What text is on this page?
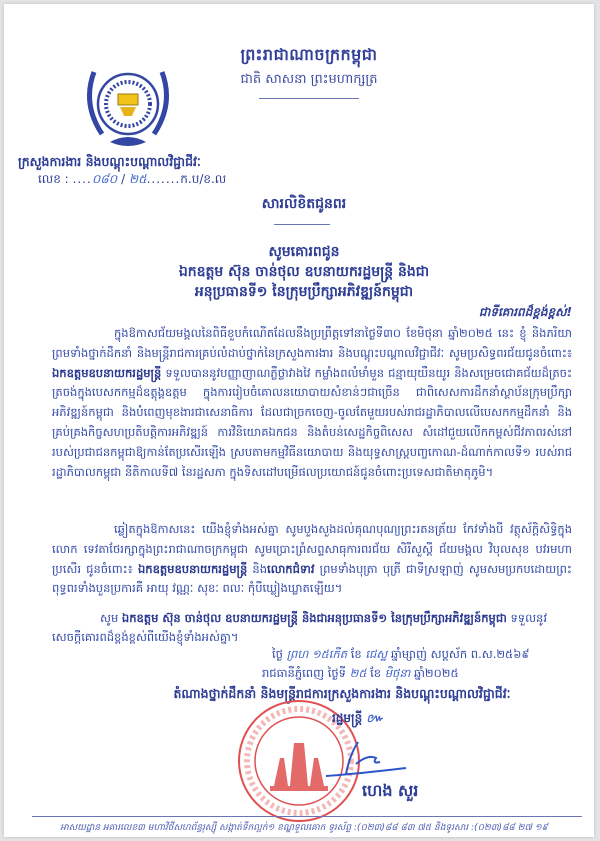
ព្រះរាជាណាចក្រកម្ពុជា
ជាតិ សាសនា ព្រះមហាក្សត្រ
ក្រសួងការងារ និងបណ្តុះបណ្តាលវិជ្ជាជីវៈ
លេខ : ....០៨០ / ២៥.......ក.ប/ខ.ល
សារលិខិតជូនពរ
សូមគោរពជូន
ឯកឧត្តម ស៊ុន ចាន់ថុល ឧបនាយករដ្ឋមន្ត្រី និងជា
អនុប្រធានទី១ នៃក្រុមប្រឹក្សាអភិវឌ្ឍន៍កម្ពុជា
ជាទីគោរពដ៏ខ្ពង់ខ្ពស់!
ក្នុងឱកាសជ័យមង្គលនៃពិធីខួបកំណើតដែលនឹងប្រព្រឹត្តទៅនាថ្ងៃទី៣០ ខែមិថុនា ឆ្នាំ២០២៥ នេះ ខ្ញុំ និងភរិយា ព្រមទាំងថ្នាក់ដឹកនាំ និងមន្ត្រីរាជការគ្រប់លំដាប់ថ្នាក់នៃក្រសួងការងារ និងបណ្តុះបណ្តាលវិជ្ជាជីវៈ សូមប្រសិទ្ធពរជ័យជូនចំពោះ៖ ឯកឧត្តមឧបនាយករដ្ឋមន្ត្រី ទទួលបាននូវបញ្ញាញាណភ្លឺថ្លាវាងវៃ កម្លាំងពលំមាំមួន ជន្មាយុយឺនយូរ និងសម្រេចជោគជ័យដ៏ត្រចះត្រចង់ក្នុងបេសកកម្មដ៏ឧត្តុង្គឧត្តម ក្នុងការរៀបចំគោលនយោបាយសំខាន់ៗជាច្រើន ជាពិសេសការដឹកនាំស្ថាប័នក្រុមប្រឹក្សាអភិវឌ្ឍន៍កម្ពុជា និងបំពេញមុខងារជាសេនាធិការ ដែលជាច្រកចេញ-ចូលតែមួយរបស់រាជរដ្ឋាភិបាលលើបេសកកម្មដឹកនាំ និងគ្រប់គ្រងកិច្ចសហប្រតិបត្តិការអភិវឌ្ឍន៍ ការវិនិយោគឯកជន និងតំបន់សេដ្ឋកិច្ចពិសេស សំដៅជួយលើកកម្ពស់ជីវភាពរស់នៅរបស់ប្រជាជនកម្ពុជាឱ្យកាន់តែប្រសើរឡើង ស្របតាមកម្មវិធីនយោបាយ និងយុទ្ធសាស្ត្របញ្ចកោណ-ដំណាក់កាលទី១ របស់រាជរដ្ឋាភិបាលកម្ពុជា នីតិកាលទី៧ នៃរដ្ឋសភា ក្នុងទិសដៅបម្រើផលប្រយោជន៍ជូនចំពោះប្រទេសជាតិមាតុភូមិ។
ឆ្លៀតក្នុងឱកាសនេះ យើងខ្ញុំទាំងអស់គ្នា សូមបួងសួងដល់គុណបុណ្យព្រះរតនត្រ័យ កែវទាំងបី វត្ថុស័ក្តិសិទ្ធិក្នុងលោក ទេវតាថែរក្សាក្នុងព្រះរាជាណាចក្រកម្ពុជា សូមប្រោះព្រំសព្ទសាធុការពរជ័យ សិរីសួស្តី ជ័យមង្គល វិបុលសុខ បវរមហាប្រសើរ ជូនចំពោះ៖ ឯកឧត្តមឧបនាយករដ្ឋមន្ត្រី និងលោកជំទាវ ព្រមទាំងបុត្រា បុត្រី ជាទីស្រឡាញ់ សូមសមប្រកបដោយព្រះពុទ្ធពរទាំងបួនប្រការគឺ អាយុ វណ្ណៈ សុខៈ ពលៈ កុំបីឃ្លៀងឃ្លាតឡើយ។
សូម ឯកឧត្តម ស៊ុន ចាន់ថុល ឧបនាយករដ្ឋមន្ត្រី និងជាអនុប្រធានទី១ នៃក្រុមប្រឹក្សាអភិវឌ្ឍន៍កម្ពុជា ទទួលនូវសេចក្តីគោរពដ៏ខ្ពង់ខ្ពស់ពីយើងខ្ញុំទាំងអស់គ្នា។
ថ្ងៃ ព្រហ ១៥កើត ខែ ជេស្ឋ ឆ្នាំម្សាញ់ សប្តស័ក ព.ស.២៥៦៩
រាជធានីភ្នំពេញ ថ្ងៃទី ២៥ ខែ មិថុនា ឆ្នាំ២០២៥
តំណាងថ្នាក់ដឹកនាំ និងមន្ត្រីរាជការក្រសួងការងារ និងបណ្តុះបណ្តាលវិជ្ជាជីវៈ
រដ្ឋមន្ត្រី ៚
ហេង សួរ
អាសយដ្ឋាន អគារលេខ៣ មហាវិថីសហព័ន្ធរុស្ស៊ី សង្កាត់ទឹកល្អក់១ ខណ្ឌទួលគោក ទូរស័ព្ទ :(០២៣)៨៨ ៨៣ ៧៥ និងទូរសារ :(០២៣)៨៨ ២៧ ១៩
